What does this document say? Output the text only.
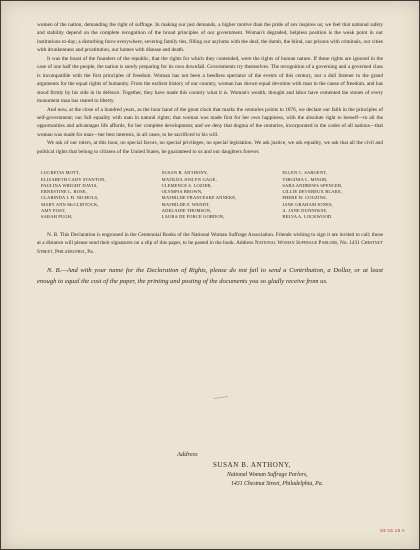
women of the nation, demanding the right of suffrage. In making our just demands, a higher motive than the pride of sex inspires us; we feel that national safety and stability depend on the complete recognition of the broad principles of our government. Woman's degraded, helpless position is the weak point in our institutions to-day; a disturbing force everywhere, severing family ties, filling our asylums with the deaf, the dumb, the blind, our prisons with criminals, our cities with drunkenness and prostitution, our homes with disease and death.

It was the boast of the founders of the republic, that the rights for which they contended, were the rights of human nature. If these rights are ignored in the case of one half the people, the nation is surely preparing for its own downfall. Governments try themselves. The recognition of a governing and a governed class is incompatible with the first principles of freedom. Woman has not been a heedless spectator of the events of this century, nor a dull listener to the grand arguments for the equal rights of humanity. From the earliest history of our country, woman has shown equal devotion with man to the cause of freedom, and has stood firmly by his side in its defence. Together, they have made this country what it is. Woman's wealth, thought and labor have cemented the stones of every monument man has reared to liberty.

And now, at the close of a hundred years, as the hour hand of the great clock that marks the centuries points to 1876, we declare our faith in the principles of self-government; our full equality with man in natural rights; that woman was made first for her own happiness, with the absolute right to herself—to all the opportunities and advantages life affords, for her complete development; and we deny that dogma of the centuries, incorporated in the codes of all nations—that woman was made for man—her best interests, in all cases, to be sacrificed to his will.

We ask of our rulers, at this hour, no special favors, no special privileges, no special legislation. We ask justice, we ask equality, we ask that all the civil and political rights that belong to citizens of the United States, be guaranteed to us and our daughters forever.

LUCRETIA MOTT,
ELIZABETH CADY STANTON,
PAULINA WRIGHT DAVIS,
ERNESTINE L. ROSE,
CLARINDA I. H. NICHOLS,
MARY ANN McCLINTOCK,
AMY POST,
SARAH PUGH,
SUSAN B. ANTHONY,
MATILDA JOSLYN GAGE,
CLEMENCE S. LOZIER,
OLYMPIA BROWN,
MATHILDE FRANCESKE ANNEKE,
MATHILDE F. WENDT,
ADELAIDE THOMSON,
LAURA DE FORCE GORDON,
ELLEN C. SARGENT,
VIRGINIA L. MINOR,
SARA ANDREWS SPENCER,
LILLIE DEVEREUX BLAKE,
PHEBE W. COUZINS,
JANE GRAHAM JONES,
A. JANE DUNNIWAY,
BELVA A. LOCKWOOD.

N. B. This Declaration is engrossed in the Centennial Books of the National Woman Suffrage Association. Friends wishing to sign it are invited to call; those at a distance will please send their signatures on a slip of this paper, to be pasted in the book. Address National Woman Suffrage Parlors, No. 1431 Chestnut Street, Philadelphia, Pa.

N. B.—And with your name for the Declaration of Rights, please do not fail to send a Contribution, a Dollar, or at least enough to equal the cost of the paper, the printing and posting of the documents you so gladly receive from us.

Address
SUSAN B. ANTHONY,
National Woman Suffrage Parlors,
1431 Chestnut Street, Philadelphia, Pa.
83-15 18 A
